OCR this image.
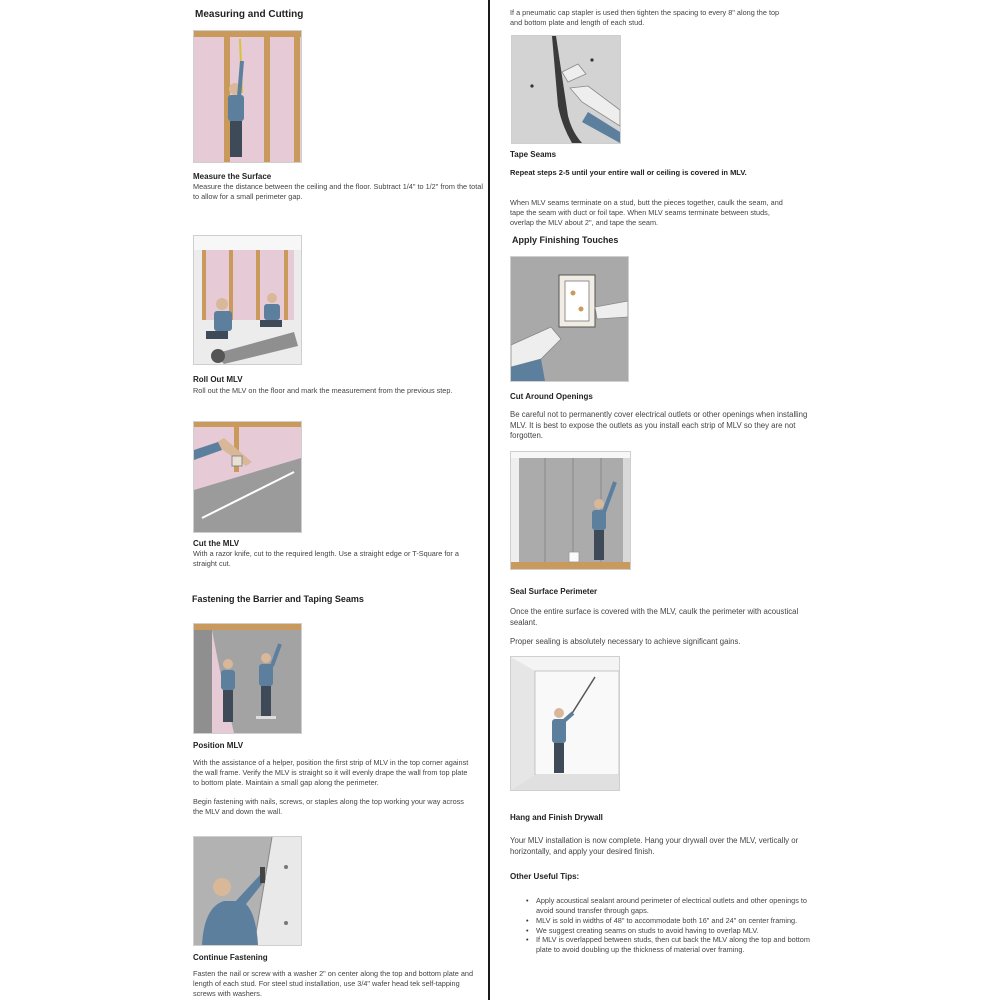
Measuring and Cutting
Measure the Surface
Measure the distance between the ceiling and the floor. Subtract 1/4" to 1/2" from the total to allow for a small perimeter gap.
Roll Out MLV
Roll out the MLV on the floor and mark the measurement from the previous step.
Cut the MLV
With a razor knife, cut to the required length. Use a straight edge or T-Square for a straight cut.
Fastening the Barrier and Taping Seams
Position MLV
With the assistance of a helper, position the first strip of MLV in the top corner against the wall frame. Verify the MLV is straight so it will evenly drape the wall from top plate to bottom plate. Maintain a small gap along the perimeter.
Begin fastening with nails, screws, or staples along the top working your way across the MLV and down the wall.
Continue Fastening
Fasten the nail or screw with a washer 2" on center along the top and bottom plate and length of each stud. For steel stud installation, use 3/4" wafer head tek self-tapping screws with washers.
If a pneumatic cap stapler is used then tighten the spacing to every 8" along the top and bottom plate and length of each stud.
Tape Seams
Repeat steps 2-5 until your entire wall or ceiling is covered in MLV.
When MLV seams terminate on a stud, butt the pieces together, caulk the seam, and tape the seam with duct or foil tape. When MLV seams terminate between studs, overlap the MLV about 2", and tape the seam.
Apply Finishing Touches
Cut Around Openings
Be careful not to permanently cover electrical outlets or other openings when installing MLV. It is best to expose the outlets as you install each strip of MLV so they are not forgotten.
Seal Surface Perimeter
Once the entire surface is covered with the MLV, caulk the perimeter with acoustical sealant.
Proper sealing is absolutely necessary to achieve significant gains.
Hang and Finish Drywall
Your MLV installation is now complete. Hang your drywall over the MLV, vertically or horizontally, and apply your desired finish.
Other Useful Tips:
• Apply acoustical sealant around perimeter of electrical outlets and other openings to avoid sound transfer through gaps.
• MLV is sold in widths of 48" to accommodate both 16" and 24" on center framing.
• We suggest creating seams on studs to avoid having to overlap MLV.
• If MLV is overlapped between studs, then cut back the MLV along the top and bottom plate to avoid doubling up the thickness of material over framing.
